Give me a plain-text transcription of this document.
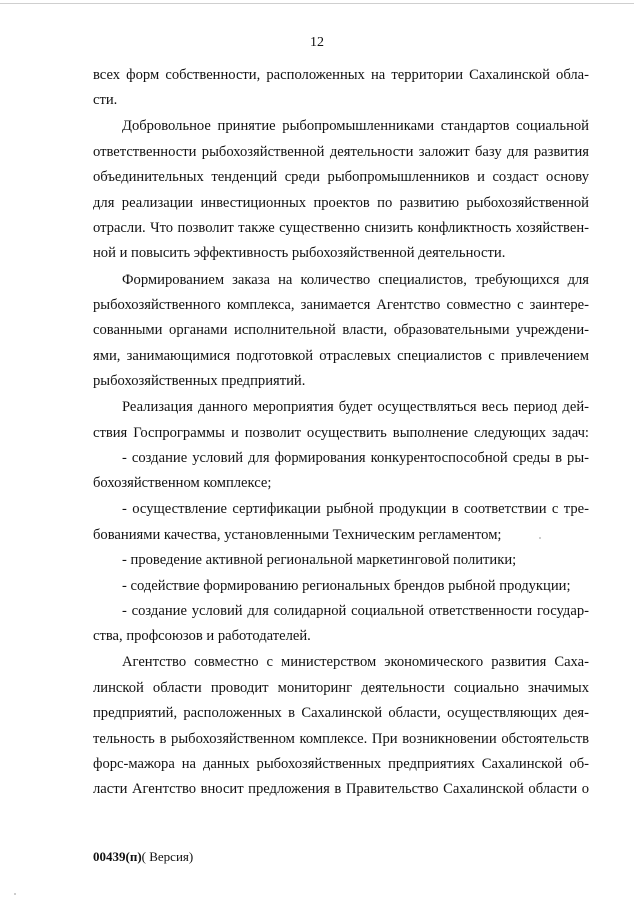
12
всех форм собственности, расположенных на территории Сахалинской обла-
сти.
Добровольное принятие рыбопромышленниками стандартов социальной
ответственности рыбохозяйственной деятельности заложит базу для развития
объединительных тенденций среди рыбопромышленников и создаст основу
для реализации инвестиционных проектов по развитию рыбохозяйственной
отрасли. Что позволит также существенно снизить конфликтность хозяйствен-
ной и повысить эффективность рыбохозяйственной деятельности.
Формированием заказа на количество специалистов, требующихся для
рыбохозяйственного комплекса, занимается Агентство совместно с заинтере-
сованными органами исполнительной власти, образовательными учреждени-
ями, занимающимися подготовкой отраслевых специалистов с привлечением
рыбохозяйственных предприятий.
Реализация данного мероприятия будет осуществляться весь период дей-
ствия Госпрограммы и позволит осуществить выполнение следующих задач:
- создание условий для формирования конкурентоспособной среды в ры-
бохозяйственном комплексе;
- осуществление сертификации рыбной продукции в соответствии с тре-
бованиями качества, установленными Техническим регламентом;
- проведение активной региональной маркетинговой политики;
- содействие формированию региональных брендов рыбной продукции;
- создание условий для солидарной социальной ответственности государ-
ства, профсоюзов и работодателей.
Агентство совместно с министерством экономического развития Саха-
линской области проводит мониторинг деятельности социально значимых
предприятий, расположенных в Сахалинской области, осуществляющих дея-
тельность в рыбохозяйственном комплексе. При возникновении обстоятельств
форс-мажора на данных рыбохозяйственных предприятиях Сахалинской об-
ласти Агентство вносит предложения в Правительство Сахалинской области о
00439(п)( Версия)
